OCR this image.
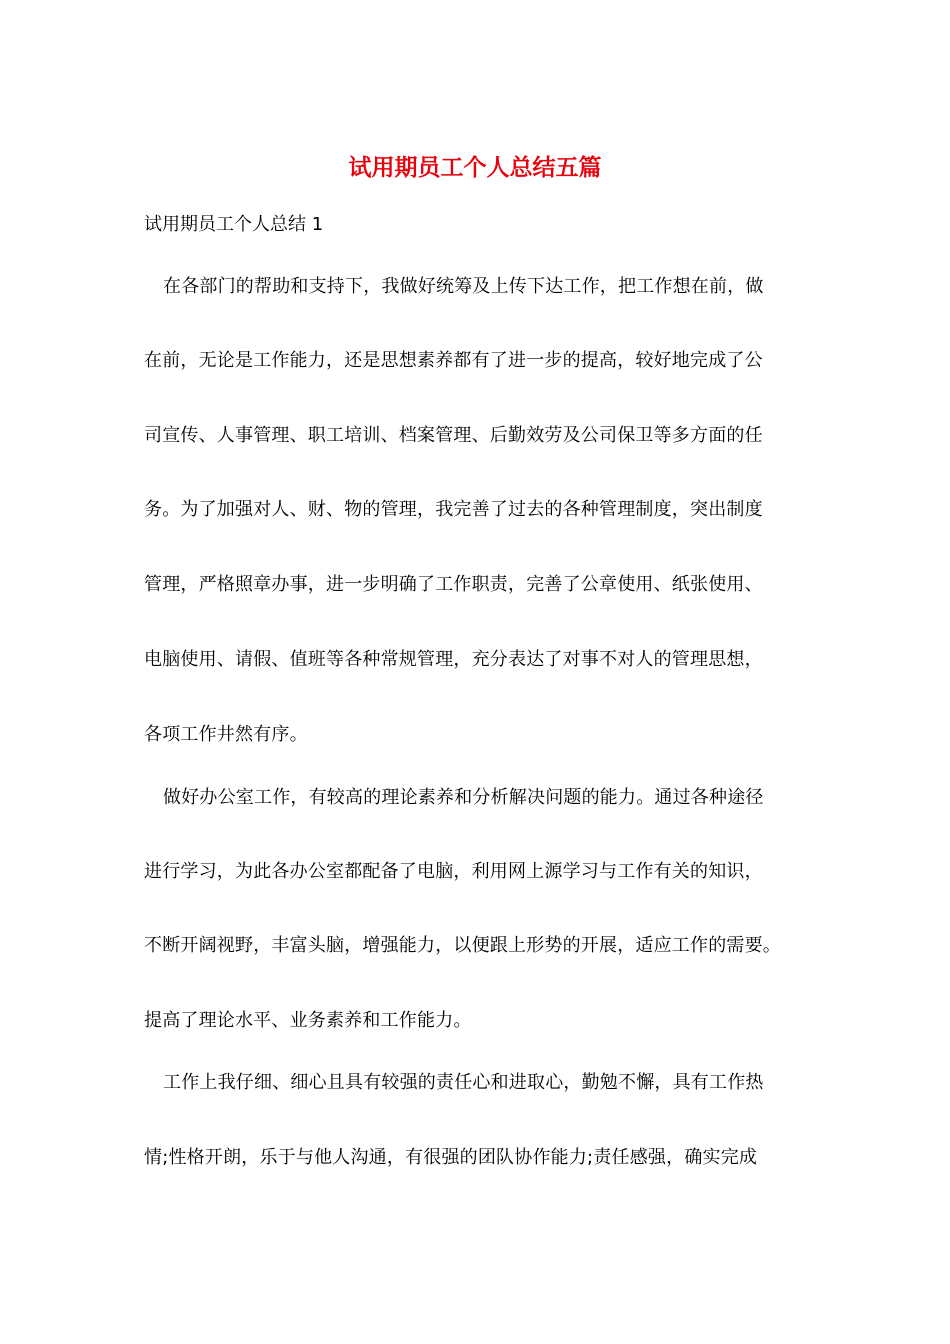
试用期员工个人总结五篇

试用期员工个人总结 1

在各部门的帮助和支持下，我做好统筹及上传下达工作，把工作想在前，做

在前，无论是工作能力，还是思想素养都有了进一步的提高，较好地完成了公

司宣传、人事管理、职工培训、档案管理、后勤效劳及公司保卫等多方面的任

务。为了加强对人、财、物的管理，我完善了过去的各种管理制度，突出制度

管理，严格照章办事，进一步明确了工作职责，完善了公章使用、纸张使用、

电脑使用、请假、值班等各种常规管理，充分表达了对事不对人的管理思想，

各项工作井然有序。

做好办公室工作，有较高的理论素养和分析解决问题的能力。通过各种途径

进行学习，为此各办公室都配备了电脑，利用网上源学习与工作有关的知识，

不断开阔视野，丰富头脑，增强能力，以便跟上形势的开展，适应工作的需要。

提高了理论水平、业务素养和工作能力。

工作上我仔细、细心且具有较强的责任心和进取心，勤勉不懈，具有工作热

情;性格开朗，乐于与他人沟通，有很强的团队协作能力;责任感强，确实完成
